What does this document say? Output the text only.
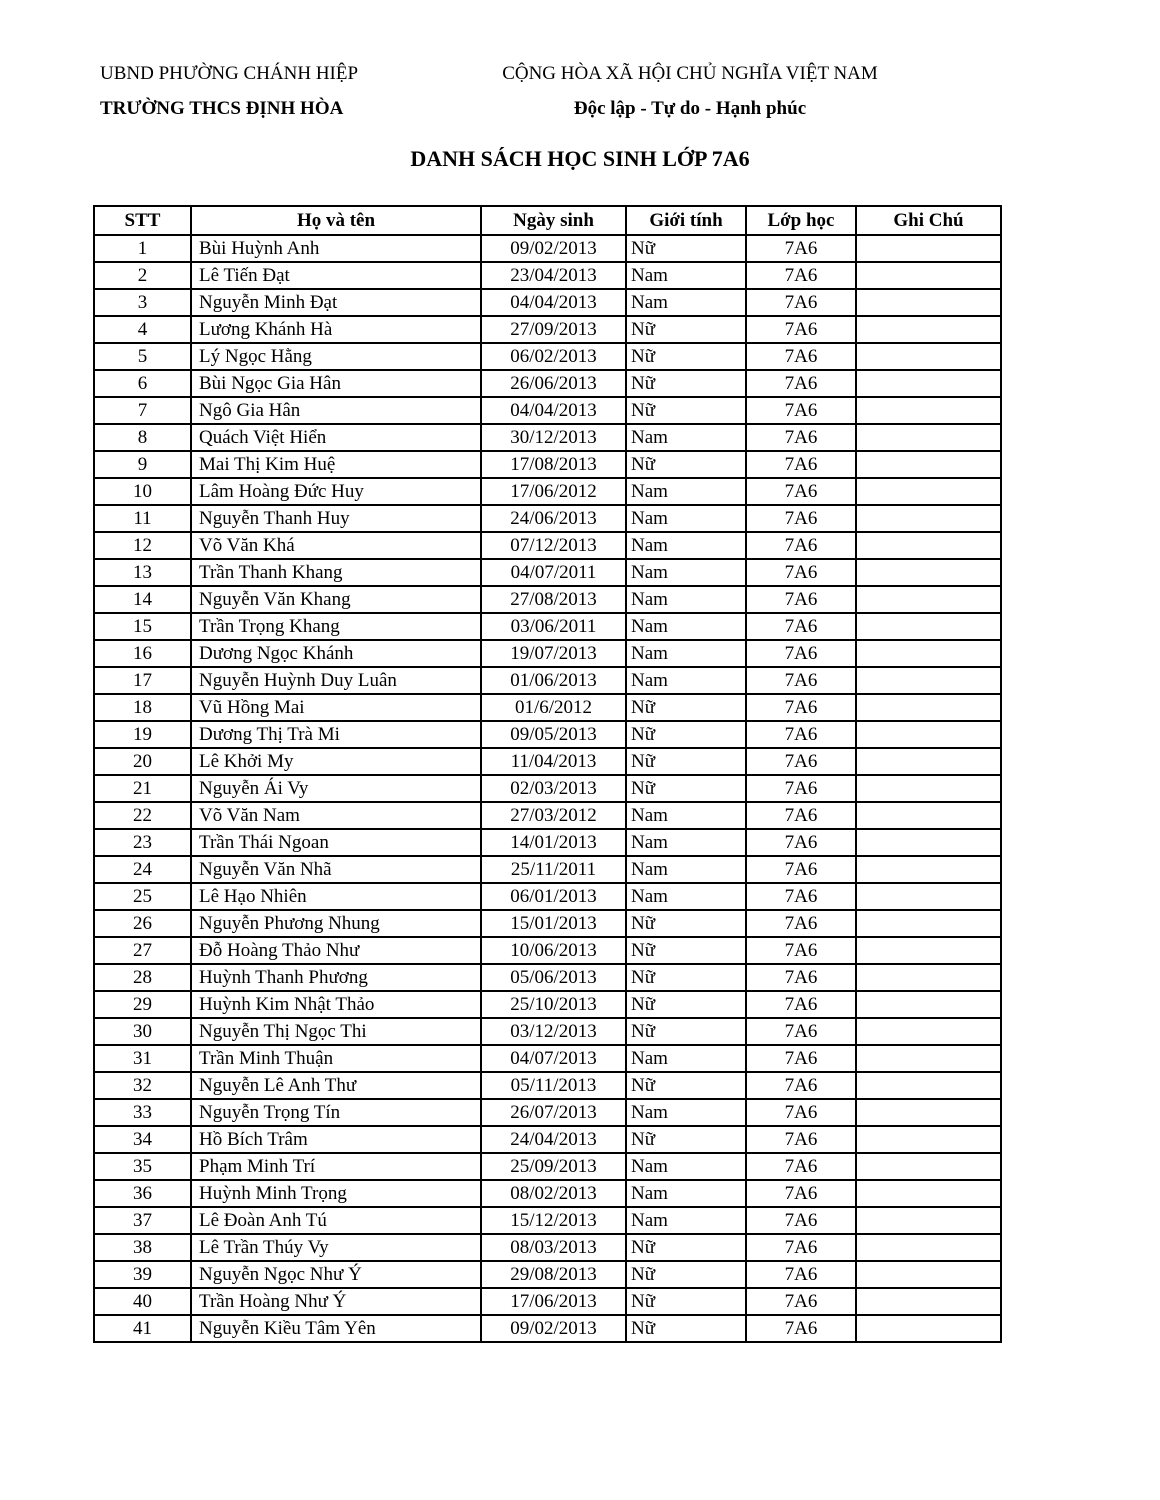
UBND PHƯỜNG CHÁNH HIỆP
TRƯỜNG THCS ĐỊNH HÒA
CỘNG HÒA XÃ HỘI CHỦ NGHĨA VIỆT NAM
Độc lập - Tự do - Hạnh phúc
DANH SÁCH HỌC SINH LỚP 7A6
STT	Họ và tên	Ngày sinh	Giới tính	Lớp học	Ghi Chú
1	Bùi Huỳnh Anh	09/02/2013	Nữ	7A6	
2	Lê Tiến Đạt	23/04/2013	Nam	7A6	
3	Nguyễn Minh Đạt	04/04/2013	Nam	7A6	
4	Lương Khánh Hà	27/09/2013	Nữ	7A6	
5	Lý Ngọc Hằng	06/02/2013	Nữ	7A6	
6	Bùi Ngọc Gia Hân	26/06/2013	Nữ	7A6	
7	Ngô Gia Hân	04/04/2013	Nữ	7A6	
8	Quách Việt Hiển	30/12/2013	Nam	7A6	
9	Mai Thị Kim Huệ	17/08/2013	Nữ	7A6	
10	Lâm Hoàng Đức Huy	17/06/2012	Nam	7A6	
11	Nguyễn Thanh Huy	24/06/2013	Nam	7A6	
12	Võ Văn Khá	07/12/2013	Nam	7A6	
13	Trần Thanh Khang	04/07/2011	Nam	7A6	
14	Nguyễn Văn Khang	27/08/2013	Nam	7A6	
15	Trần Trọng Khang	03/06/2011	Nam	7A6	
16	Dương Ngọc Khánh	19/07/2013	Nam	7A6	
17	Nguyễn Huỳnh Duy Luân	01/06/2013	Nam	7A6	
18	Vũ Hồng Mai	01/6/2012	Nữ	7A6	
19	Dương Thị Trà Mi	09/05/2013	Nữ	7A6	
20	Lê Khởi My	11/04/2013	Nữ	7A6	
21	Nguyễn Ái Vy	02/03/2013	Nữ	7A6	
22	Võ Văn Nam	27/03/2012	Nam	7A6	
23	Trần Thái Ngoan	14/01/2013	Nam	7A6	
24	Nguyễn Văn Nhã	25/11/2011	Nam	7A6	
25	Lê Hạo Nhiên	06/01/2013	Nam	7A6	
26	Nguyễn Phương Nhung	15/01/2013	Nữ	7A6	
27	Đỗ Hoàng Thảo Như	10/06/2013	Nữ	7A6	
28	Huỳnh Thanh Phương	05/06/2013	Nữ	7A6	
29	Huỳnh Kim Nhật Thảo	25/10/2013	Nữ	7A6	
30	Nguyễn Thị Ngọc Thi	03/12/2013	Nữ	7A6	
31	Trần Minh Thuận	04/07/2013	Nam	7A6	
32	Nguyễn Lê Anh Thư	05/11/2013	Nữ	7A6	
33	Nguyễn Trọng Tín	26/07/2013	Nam	7A6	
34	Hồ Bích Trâm	24/04/2013	Nữ	7A6	
35	Phạm Minh Trí	25/09/2013	Nam	7A6	
36	Huỳnh Minh Trọng	08/02/2013	Nam	7A6	
37	Lê Đoàn Anh Tú	15/12/2013	Nam	7A6	
38	Lê Trần Thúy Vy	08/03/2013	Nữ	7A6	
39	Nguyễn Ngọc Như Ý	29/08/2013	Nữ	7A6	
40	Trần Hoàng Như Ý	17/06/2013	Nữ	7A6	
41	Nguyễn Kiều Tâm Yên	09/02/2013	Nữ	7A6	
